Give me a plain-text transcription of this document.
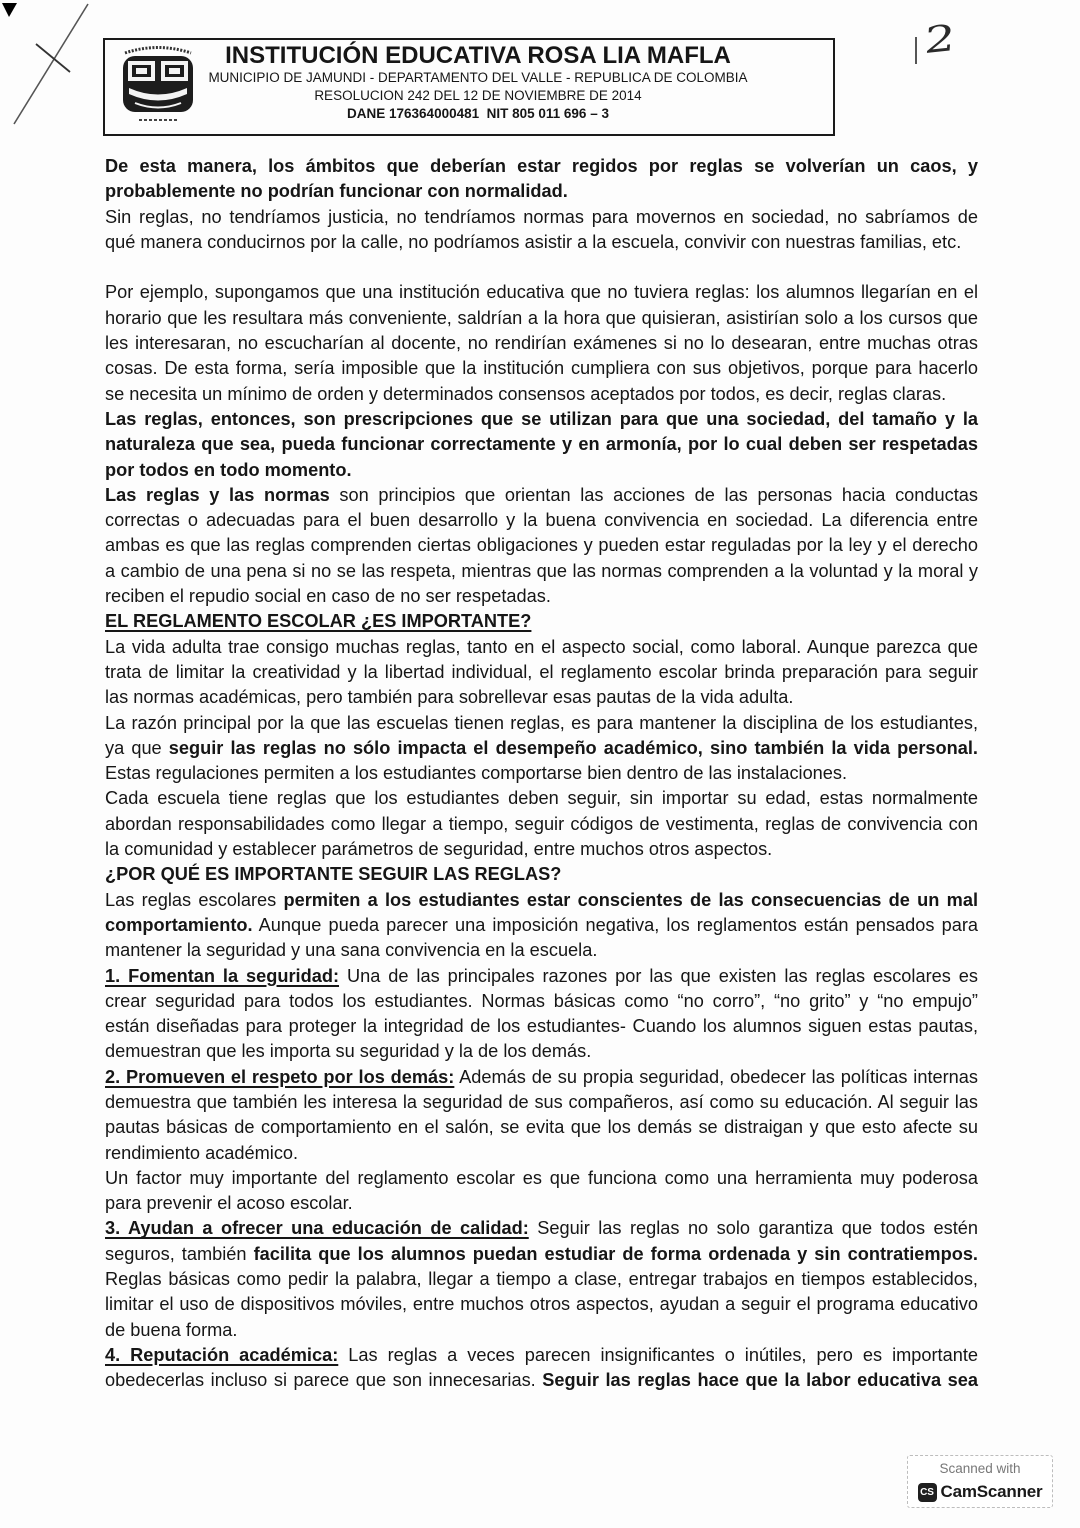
INSTITUCIÓN EDUCATIVA ROSA LIA MAFLA
MUNICIPIO DE JAMUNDI - DEPARTAMENTO DEL VALLE - REPUBLICA DE COLOMBIA
RESOLUCION 242 DEL 12 DE NOVIEMBRE DE 2014
DANE 176364000481  NIT 805 011 696 – 3
2
De esta manera, los ámbitos que deberían estar regidos por reglas se volverían un caos, y
probablemente no podrían funcionar con normalidad.
Sin reglas, no tendríamos justicia, no tendríamos normas para movernos en sociedad, no sabríamos de
qué manera conducirnos por la calle, no podríamos asistir a la escuela, convivir con nuestras familias, etc.
Por ejemplo, supongamos que una institución educativa que no tuviera reglas: los alumnos llegarían en el
horario que les resultara más conveniente, saldrían a la hora que quisieran, asistirían solo a los cursos que
les interesaran, no escucharían al docente, no rendirían exámenes si no lo desearan, entre muchas otras
cosas. De esta forma, sería imposible que la institución cumpliera con sus objetivos, porque para hacerlo
se necesita un mínimo de orden y determinados consensos aceptados por todos, es decir, reglas claras.
Las reglas, entonces, son prescripciones que se utilizan para que una sociedad, del tamaño y la
naturaleza que sea, pueda funcionar correctamente y en armonía, por lo cual deben ser respetadas
por todos en todo momento.
Las reglas y las normas son principios que orientan las acciones de las personas hacia conductas
correctas o adecuadas para el buen desarrollo y la buena convivencia en sociedad. La diferencia entre
ambas es que las reglas comprenden ciertas obligaciones y pueden estar reguladas por la ley y el derecho
a cambio de una pena si no se las respeta, mientras que las normas comprenden a la voluntad y la moral y
reciben el repudio social en caso de no ser respetadas.
EL REGLAMENTO ESCOLAR ¿ES IMPORTANTE?
La vida adulta trae consigo muchas reglas, tanto en el aspecto social, como laboral. Aunque parezca que
trata de limitar la creatividad y la libertad individual, el reglamento escolar brinda preparación para seguir
las normas académicas, pero también para sobrellevar esas pautas de la vida adulta.
La razón principal por la que las escuelas tienen reglas, es para mantener la disciplina de los estudiantes,
ya que seguir las reglas no sólo impacta el desempeño académico, sino también la vida personal.
Estas regulaciones permiten a los estudiantes comportarse bien dentro de las instalaciones.
Cada escuela tiene reglas que los estudiantes deben seguir, sin importar su edad, estas normalmente
abordan responsabilidades como llegar a tiempo, seguir códigos de vestimenta, reglas de convivencia con
la comunidad y establecer parámetros de seguridad, entre muchos otros aspectos.
¿POR QUÉ ES IMPORTANTE SEGUIR LAS REGLAS?
Las reglas escolares permiten a los estudiantes estar conscientes de las consecuencias de un mal
comportamiento. Aunque pueda parecer una imposición negativa, los reglamentos están pensados para
mantener la seguridad y una sana convivencia en la escuela.
1. Fomentan la seguridad: Una de las principales razones por las que existen las reglas escolares es
crear seguridad para todos los estudiantes. Normas básicas como “no corro”, “no grito” y “no empujo”
están diseñadas para proteger la integridad de los estudiantes- Cuando los alumnos siguen estas pautas,
demuestran que les importa su seguridad y la de los demás.
2. Promueven el respeto por los demás: Además de su propia seguridad, obedecer las políticas internas
demuestra que también les interesa la seguridad de sus compañeros, así como su educación. Al seguir las
pautas básicas de comportamiento en el salón, se evita que los demás se distraigan y que esto afecte su
rendimiento académico.
Un factor muy importante del reglamento escolar es que funciona como una herramienta muy poderosa
para prevenir el acoso escolar.
3. Ayudan a ofrecer una educación de calidad: Seguir las reglas no solo garantiza que todos estén
seguros, también facilita que los alumnos puedan estudiar de forma ordenada y sin contratiempos.
Reglas básicas como pedir la palabra, llegar a tiempo a clase, entregar trabajos en tiempos establecidos,
limitar el uso de dispositivos móviles, entre muchos otros aspectos, ayudan a seguir el programa educativo
de buena forma.
4. Reputación académica: Las reglas a veces parecen insignificantes o inútiles, pero es importante
obedecerlas incluso si parece que son innecesarias. Seguir las reglas hace que la labor educativa sea
Scanned with
CS CamScanner
